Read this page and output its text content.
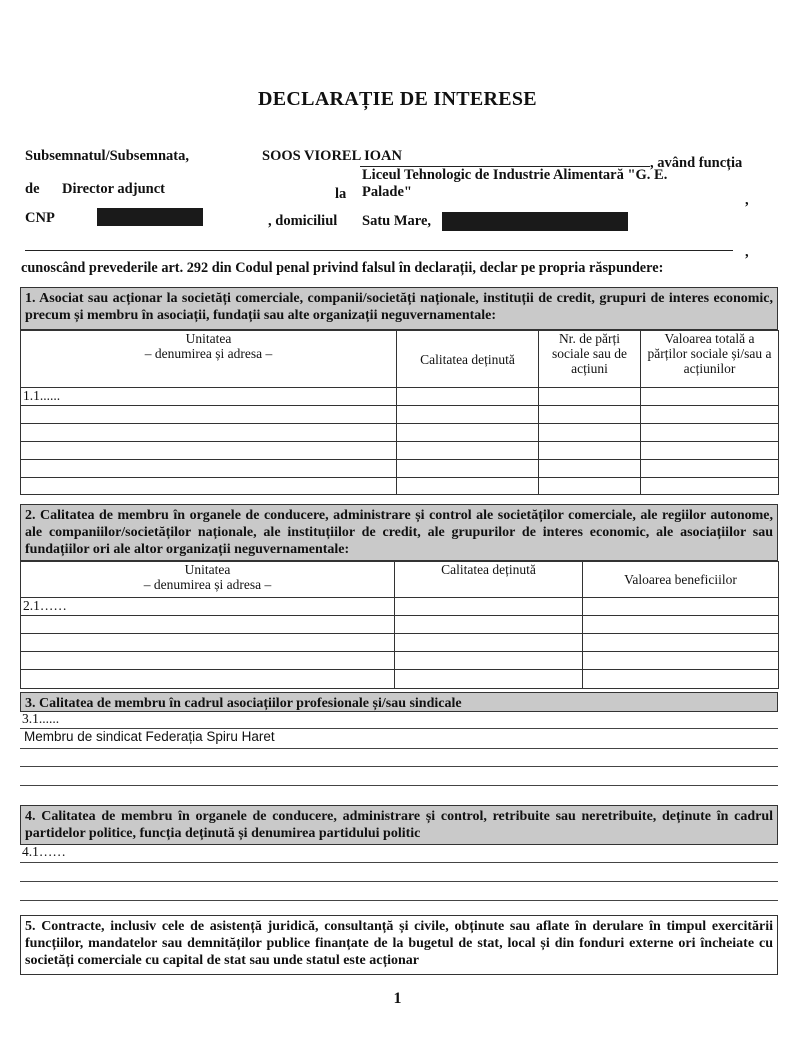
DECLARAȚIE DE INTERESE
Subsemnatul/Subsemnata,	SOOS VIOREL IOAN	, având funcția
de Director adjunct	la
Liceul Tehnologic de Industrie Alimentară "G. E.
Palade"	,
CNP	, domiciliul Satu Mare,
,
cunoscând prevederile art. 292 din Codul penal privind falsul în declarații, declar pe propria răspundere:
1. Asociat sau acționar la societăți comerciale, companii/societăți naționale, instituții de credit, grupuri de interes economic, precum și membru în asociații, fundații sau alte organizații neguvernamentale:
Unitatea
– denumirea și adresa –	Calitatea deținută	Nr. de părți sociale sau de acțiuni	Valoarea totală a părților sociale și/sau a acțiunilor
1.1......			

2. Calitatea de membru în organele de conducere, administrare și control ale societăților comerciale, ale regiilor autonome, ale companiilor/societăților naționale, ale instituțiilor de credit, ale grupurilor de interes economic, ale asociațiilor sau fundațiilor ori ale altor organizații neguvernamentale:
Unitatea
– denumirea și adresa –	Calitatea deținută	Valoarea beneficiilor
2.1……		

3. Calitatea de membru în cadrul asociațiilor profesionale și/sau sindicale
3.1......
Membru de sindicat Federația Spiru Haret
4. Calitatea de membru în organele de conducere, administrare și control, retribuite sau neretribuite, deținute în cadrul partidelor politice, funcția deținută și denumirea partidului politic
4.1……
5. Contracte, inclusiv cele de asistență juridică, consultanță și civile, obținute sau aflate în derulare în timpul exercitării funcțiilor, mandatelor sau demnităților publice finanțate de la bugetul de stat, local și din fonduri externe ori încheiate cu societăți comerciale cu capital de stat sau unde statul este acționar
1
